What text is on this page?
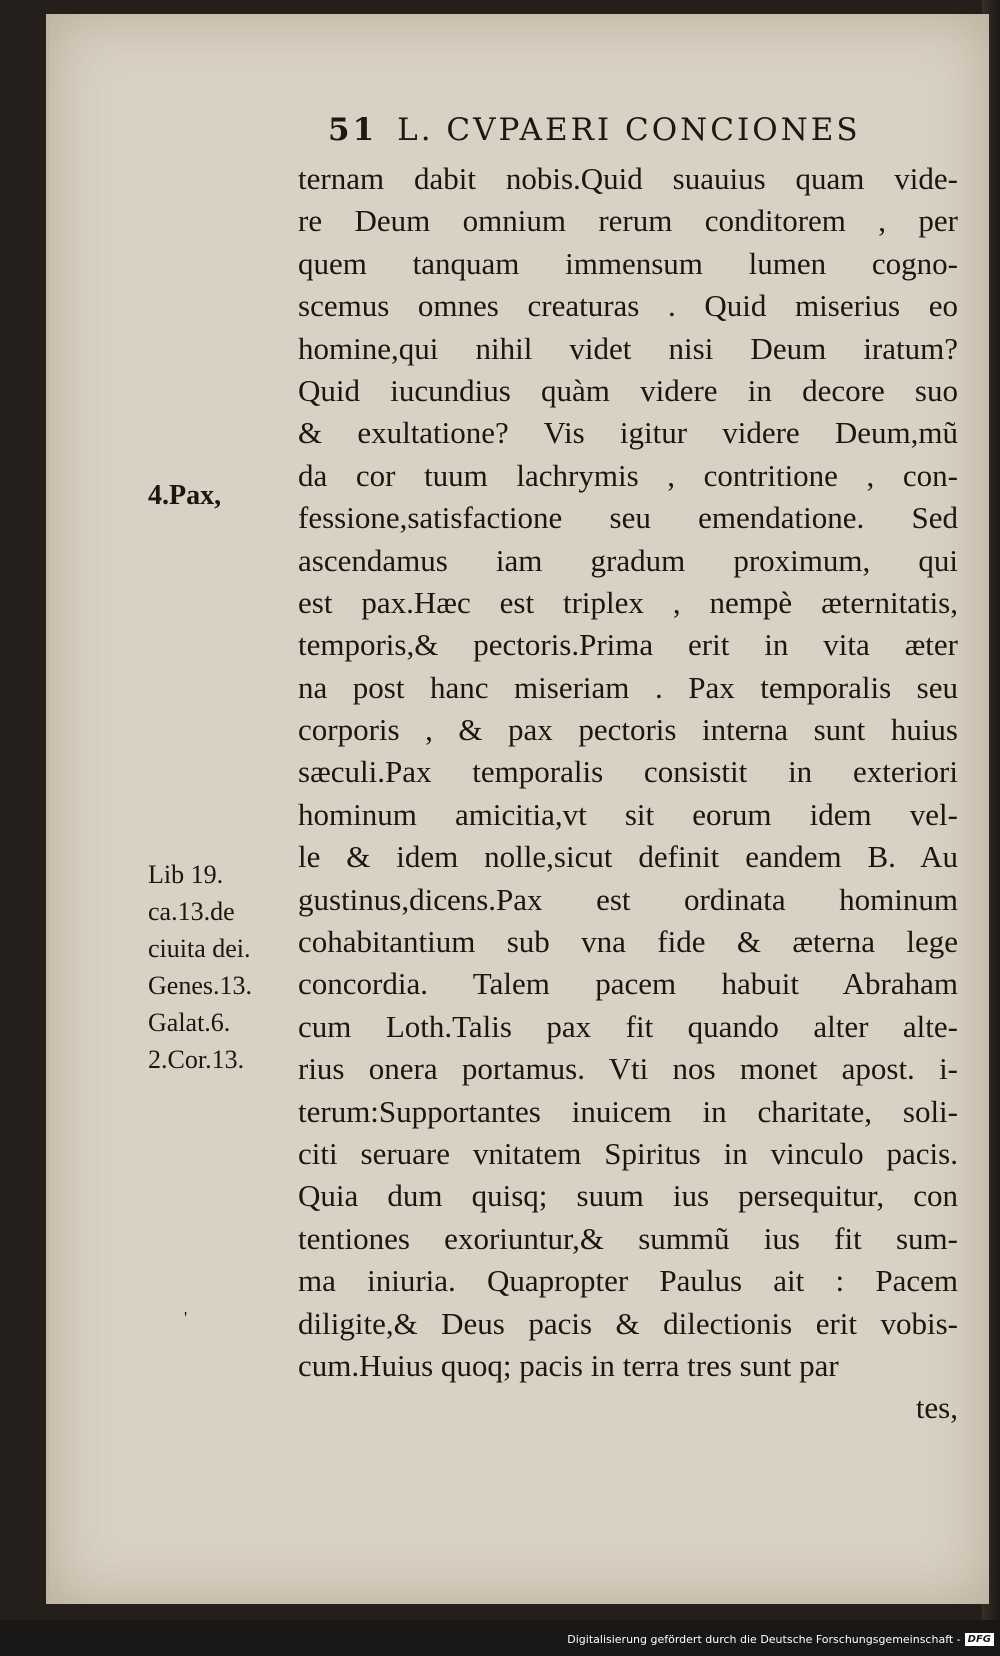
51 L. CVPAERI CONCIONES
4.Pax,
Lib 19.
ca.13.de
ciuita dei.
Genes.13.
Galat.6.
2.Cor.13.
'
ternam dabit nobis.Quid suauius quam vide-
re Deum omnium rerum conditorem , per
quem tanquam immensum lumen cogno-
scemus omnes creaturas . Quid miserius eo
homine,qui nihil videt nisi Deum iratum?
Quid iucundius quàm videre in decore suo
& exultatione? Vis igitur videre Deum,mũ
da cor tuum lachrymis , contritione , con-
fessione,satisfactione seu emendatione. Sed
ascendamus iam gradum proximum, qui
est pax.Hæc est triplex , nempè æternitatis,
temporis,& pectoris.Prima erit in vita æter
na post hanc miseriam . Pax temporalis seu
corporis , & pax pectoris interna sunt huius
sæculi.Pax temporalis consistit in exteriori
hominum amicitia,vt sit eorum idem vel-
le & idem nolle,sicut definit eandem B. Au
gustinus,dicens.Pax est ordinata hominum
cohabitantium sub vna fide & æterna lege
concordia. Talem pacem habuit Abraham
cum Loth.Talis pax fit quando alter alte-
rius onera portamus. Vti nos monet apost. i-
terum:Supportantes inuicem in charitate, soli-
citi seruare vnitatem Spiritus in vinculo pacis.
Quia dum quisq; suum ius persequitur, con
tentiones exoriuntur,& summũ ius fit sum-
ma iniuria. Quapropter Paulus ait : Pacem
diligite,& Deus pacis & dilectionis erit vobis-
cum.Huius quoq; pacis in terra tres sunt par
tes,
Digitalisierung gefördert durch die Deutsche Forschungsgemeinschaft - DFG
